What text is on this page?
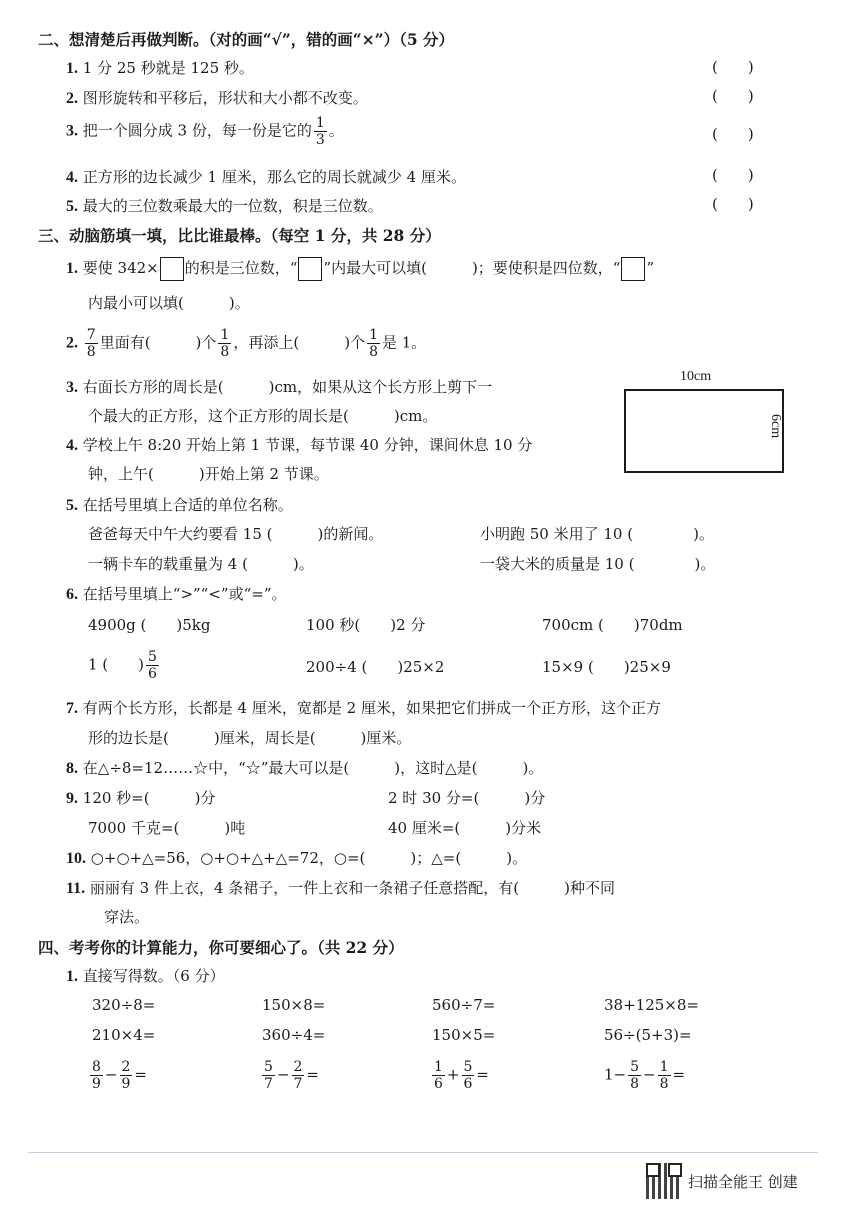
二、想清楚后再做判断。（对的画“√”，错的画“×”）（5 分）
1. 1 分 25 秒就是 125 秒。	(　　)
2. 图形旋转和平移后，形状和大小都不改变。	(　　)
3. 把一个圆分成 3 份，每一份是它的 $\frac{1}{3}$ 。	(　　)
4. 正方形的边长减少 1 厘米，那么它的周长就减少 4 厘米。	(　　)
5. 最大的三位数乘最大的一位数，积是三位数。	(　　)
三、动脑筋填一填，比比谁最棒。（每空 1 分，共 28 分）
1. 要使 342× 的积是三位数，“ ”内最大可以填(　　　)；要使积是四位数，“ ”
内最小可以填(　　　)。
2. $\frac{7}{8}$ 里面有(　　　)个 $\frac{1}{8}$ ，再添上(　　　)个 $\frac{1}{8}$ 是 1。
3. 右面长方形的周长是(　　　)cm，如果从这个长方形上剪下一
个最大的正方形，这个正方形的周长是(　　　)cm。
10cm
6cm
4. 学校上午 8:20 开始上第 1 节课，每节课 40 分钟，课间休息 10 分
钟，上午(　　　)开始上第 2 节课。
5. 在括号里填上合适的单位名称。
爸爸每天中午大约要看 15 (　　　)的新闻。	小明跑 50 米用了 10 (　　　　)。
一辆卡车的载重量为 4 (　　　)。	一袋大米的质量是 10 (　　　　)。
6. 在括号里填上“>”“<”或“=”。
4900g (　　)5kg	100 秒(　　)2 分	700cm (　　)70dm
1 (　　) $\frac{5}{6}$	200÷4 (　　)25×2	15×9 (　　)25×9
7. 有两个长方形，长都是 4 厘米，宽都是 2 厘米，如果把它们拼成一个正方形，这个正方
形的边长是(　　　)厘米，周长是(　　　)厘米。
8. 在△÷8=12……☆中，“☆”最大可以是(　　　)，这时△是(　　　)。
9. 120 秒=(　　　)分	2 时 30 分=(　　　)分
7000 千克=(　　　)吨	40 厘米=(　　　)分米
10. ○+○+△=56，○+○+△+△=72，○=(　　　)；△=(　　　)。
11. 丽丽有 3 件上衣，4 条裙子，一件上衣和一条裙子任意搭配，有(　　　)种不同
穿法。
四、考考你的计算能力，你可要细心了。（共 22 分）
1. 直接写得数。（6 分）
320÷8=	150×8=	560÷7=	38+125×8=
210×4=	360÷4=	150×5=	56÷(5+3)=
$\frac{8}{9} - \frac{2}{9}$ =	$\frac{5}{7} - \frac{2}{7}$ =	$\frac{1}{6} + \frac{5}{6}$ =	$1- \frac{5}{8} - \frac{1}{8}$ =
扫描全能王 创建
